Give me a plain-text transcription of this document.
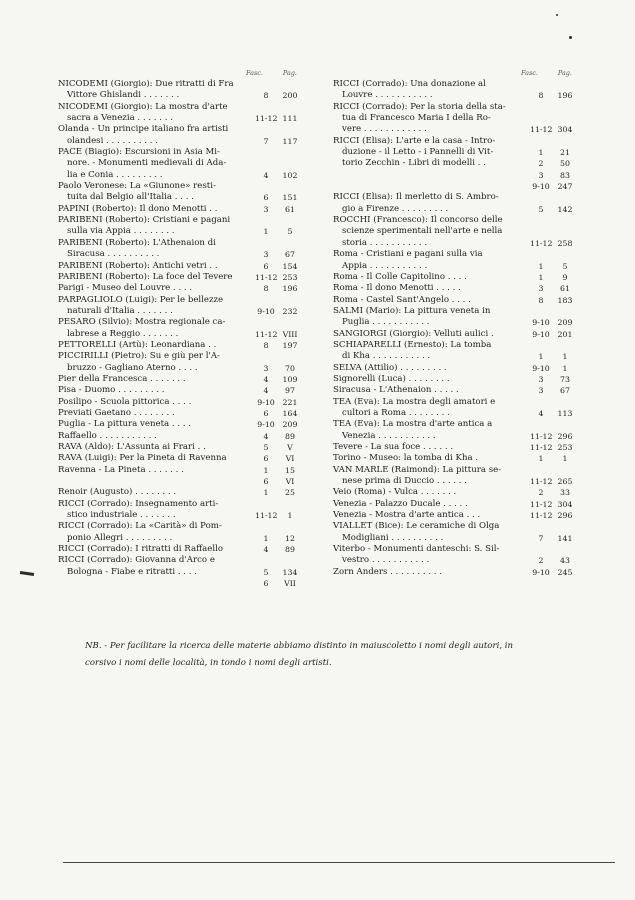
Fasc.	Pag.
NICODEMI (Giorgio): Due ritratti di Fra
Vittore Ghislandi . . . . . . .	8	200
NICODEMI (Giorgio): La mostra d'arte
sacra a Venezia . . . . . . .	11-12 111
Olanda - Un principe italiano fra artisti
olandesi . . . . . . . . . .	7	117
PACE (Biagio): Escursioni in Asia Mi-
nore. - Monumenti medievali di Ada-
lia e Conia . . . . . . . . .	4	102
Paolo Veronese: La «Giunone» resti-
tuita dal Belgio all'Italia . . . .	6	151
PAPINI (Roberto): Il dono Menotti . .	3	61
PARIBENI (Roberto): Cristiani e pagani
sulla via Appia . . . . . . . .	1	5
PARIBENI (Roberto): L'Athenaion di
Siracusa . . . . . . . . . .	3	67
PARIBENI (Roberto): Antichi vetri . .	6	154
PARIBENI (Roberto): La foce del Tevere	11-12 253
Parigi - Museo del Louvre . . . .	8	196
PARPAGLIOLO (Luigi): Per le bellezze
naturali d'Italia . . . . . . .	9-10 232
PESARO (Silvio): Mostra regionale ca-
labrese a Reggio . . . . . . .	11-12 VIII
PETTORELLI (Artù): Leonardiana . .	8	197
PICCIRILLI (Pietro): Su e giù per l'A-
bruzzo - Gagliano Aterno . . . .	3	70
Pier della Francesca . . . . . . .	4	109
Pisa - Duomo . . . . . . . . .	4	97
Posilipo - Scuola pittorica . . . .	9-10 221
Previati Gaetano . . . . . . . .	6	164
Puglia - La pittura veneta . . . .	9-10 209
Raffaello . . . . . . . . . . .	4	89
RAVÀ (Aldo): L'Assunta ai Frari . .	5	V
RAVÀ (Luigi): Per la Pineta di Ravenna	6	VI
Ravenna - La Pineta . . . . . . .	1	15
6	VI
Renoir (Augusto) . . . . . . . .	1	25
RICCI (Corrado): Insegnamento arti-
stico industriale . . . . . . .	11-12	1
RICCI (Corrado): La «Carità» di Pom-
ponio Allegri . . . . . . . . .	1	12
RICCI (Corrado): I ritratti di Raffaello	4	89
RICCI (Corrado): Giovanna d'Arco e
Bologna - Fiabe e ritratti . . . .	5	134
6	VII
Fasc.	Pag.
RICCI (Corrado): Una donazione al
Louvre . . . . . . . . . . .	8	196
RICCI (Corrado): Per la storia della sta-
tua di Francesco Maria I della Ro-
vere . . . . . . . . . . . .	11-12 304
RICCI (Elisa): L'arte e la casa - Intro-
duzione - il Letto - i Pannelli di Vit-	1	21
torio Zecchin - Libri di modelli . .	2	50
3	83
9-10 247
RICCI (Elisa): Il merletto di S. Ambro-
gio a Firenze . . . . . . . . .	5	142
ROCCHI (Francesco): Il concorso delle
scienze sperimentali nell'arte e nella
storia . . . . . . . . . . .	11-12 258
Roma - Cristiani e pagani sulla via
Appia . . . . . . . . . . .	1	5
Roma - Il Colle Capitolino . . . .	1	9
Roma - Il dono Menotti . . . . .	3	61
Roma - Castel Sant'Angelo . . . .	8	183
SALMI (Mario): La pittura veneta in
Puglia . . . . . . . . . . .	9-10 209
SANGIORGI (Giorgio): Velluti aulici .	9-10 201
SCHIAPARELLI (Ernesto): La tomba
di Kha . . . . . . . . . . .	1	1
SELVA (Attilio) . . . . . . . . .	9-10	1
Signorelli (Luca) . . . . . . . .	3	73
Siracusa - L'Athenaion . . . . .	3	67
TEA (Eva): La mostra degli amatori e
cultori a Roma . . . . . . . .	4	113
TEA (Eva): La mostra d'arte antica a
Venezia . . . . . . . . . . .	11-12 296
Tevere - La sua foce . . . . . .	11-12 253
Torino - Museo: la tomba di Kha .	1	1
VAN MARLE (Raimond): La pittura se-
nese prima di Duccio . . . . . .	11-12 265
Veio (Roma) - Vulca . . . . . . .	2	33
Venezia - Palazzo Ducale . . . . .	11-12 304
Venezia - Mostra d'arte antica . . .	11-12 296
VIALLET (Bice): Le ceramiche di Olga
Modigliani . . . . . . . . . .	7	141
Viterbo - Monumenti danteschi: S. Sil-
vestro . . . . . . . . . . .	2	43
Zorn Anders . . . . . . . . . .	9-10 245
NB. - Per facilitare la ricerca delle materie abbiamo distinto in maiuscoletto i nomi degli autori, in corsivo i nomi delle località, in tondo i nomi degli artisti.
